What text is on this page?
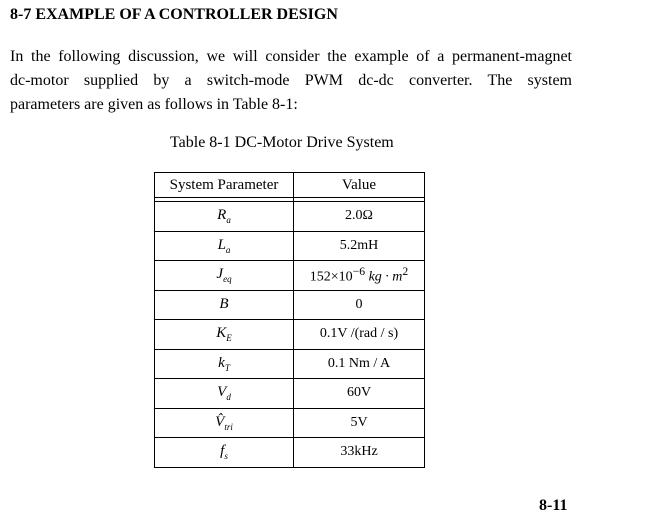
8-7 EXAMPLE OF A CONTROLLER DESIGN
In the following discussion, we will consider the example of a permanent-magnet
dc-motor supplied by a switch-mode PWM dc-dc converter. The system
parameters are given as follows in Table 8-1:
Table 8-1 DC-Motor Drive System
System Parameter	Value

$R_a$	2.0Ω
$L_a$	5.2mH
$J_{eq}$	$152\times 10^{-6}$ kg · $m^2$
B	0
$K_E$	0.1V /(rad / s)
$k_T$	0.1 Nm / A
$V_d$	60V
$V̂_{tri}$	5V
$f_s$	33kHz
8-11
